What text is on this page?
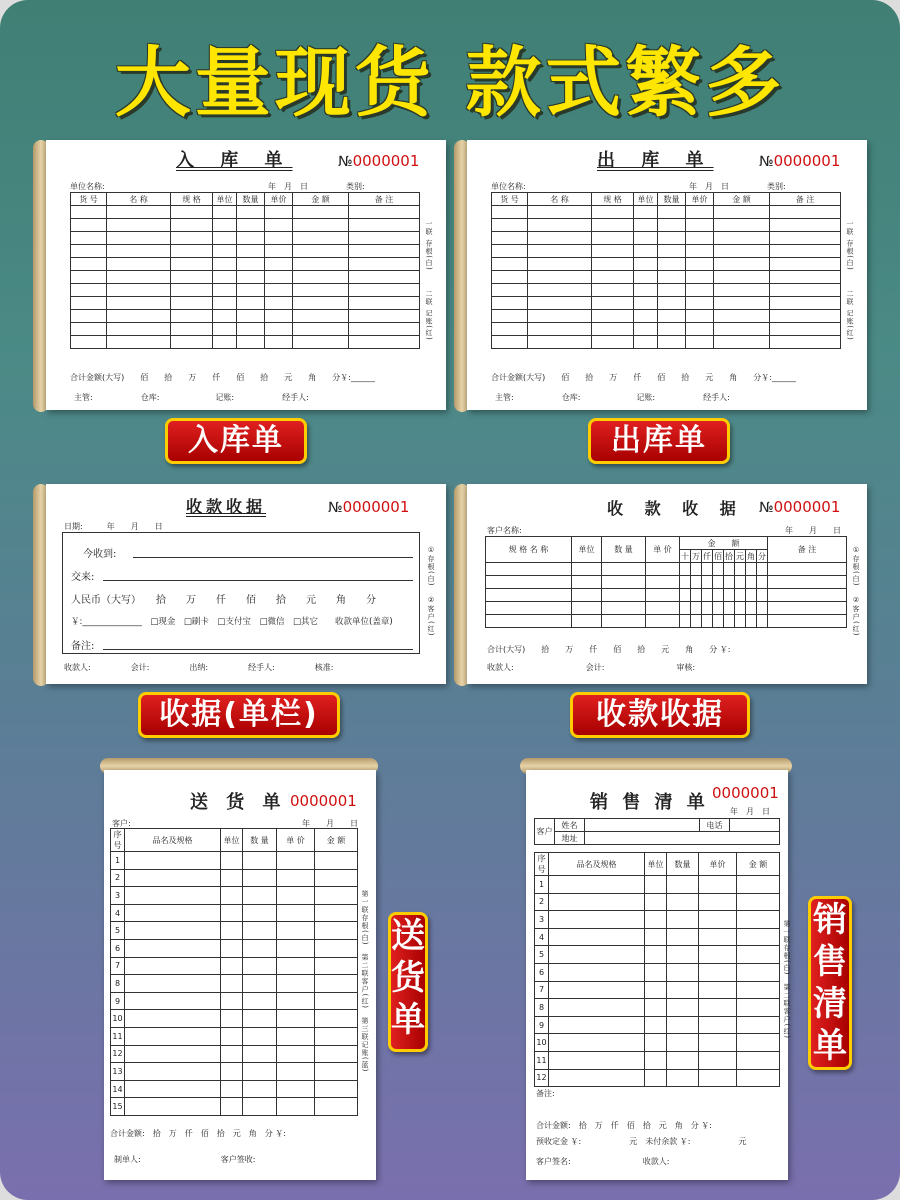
大量现货 款式繁多
入 库 单	№0000001
单位名称:	年　月　日	类别:
货 号	名 称	规 格	单位	数量	单价	金 额	备 注

合计金额(大写)　　佰　　拾　　万　　仟　　佰　　拾　　元　　角　　分￥:______
主管:　　　　　　仓库:　　　　　　　记账:　　　　　　经手人:
一联 存根(白)
二联 记账(红)
出 库 单	№0000001
单位名称:	年　月　日	类别:
货 号	名 称	规 格	单位	数量	单价	金 额	备 注

合计金额(大写)　　佰　　拾　　万　　仟　　佰　　拾　　元　　角　　分￥:______
主管:　　　　　　仓库:　　　　　　　记账:　　　　　　经手人:
一联 存根(白)
二联 记账(红)
入库单	出库单
收款收据	№0000001
日期:　　　年　　月　　日
今收到:
交来:
人民币（大写）　　拾　　万　　仟　　佰　　拾　　元　　角　　分
￥:______________　□现金　□刷卡　□支付宝　□微信　□其它　　收款单位(盖章)
备注:
收款人:　　　　　会计:　　　　　出纳:　　　　　经手人:　　　　　核准:
①存根(白)
②客户(红)
收 款 收 据 №0000001
客户名称:	年　　月　　日
规 格 名 称	单位	数 量	单 价	金　　额								备 注
				十	万	仟	佰	拾	元	角	分	

合计(大写)　　拾　　万　　仟　　佰　　拾　　元　　角　　分 ￥:
收款人:　　　　　　　　　会计:　　　　　　　　　审核:
①存根(白)
②客户(红)
收据(单栏)	收款收据
送 货 单 0000001
客户:	年　　月　　日
序号	品名及规格	单位	数 量	单 价	金 额
1					
2					
3					
4					
5					
6					
7					
8					
9					
10					
11					
12					
13					
14					
15					
合计金额:　拾　万　仟　佰　拾　元　角　分 ￥:
制单人:　　　　　　　　　　客户签收:
第一联存根(白)　第二联客户(红)　第三联记账(蓝) 送
货
单
销 售 清 单 0000001
年　月　日
客户	姓名		电话	
	地址			
序号	品名及规格	单位	数量	单价	金 额
1					
2					
3					
4					
5					
6					
7					
8					
9					
10					
11					
12					
备注:
合计金额:　拾　万　仟　佰　拾　元　角　分 ￥:
预收定金 ￥:　　　　　　元　未付余款 ￥:　　　　　　元
客户签名:　　　　　　　　　收款人:
第一联存根(白)　第二联客户(红) 销
售
清
单
